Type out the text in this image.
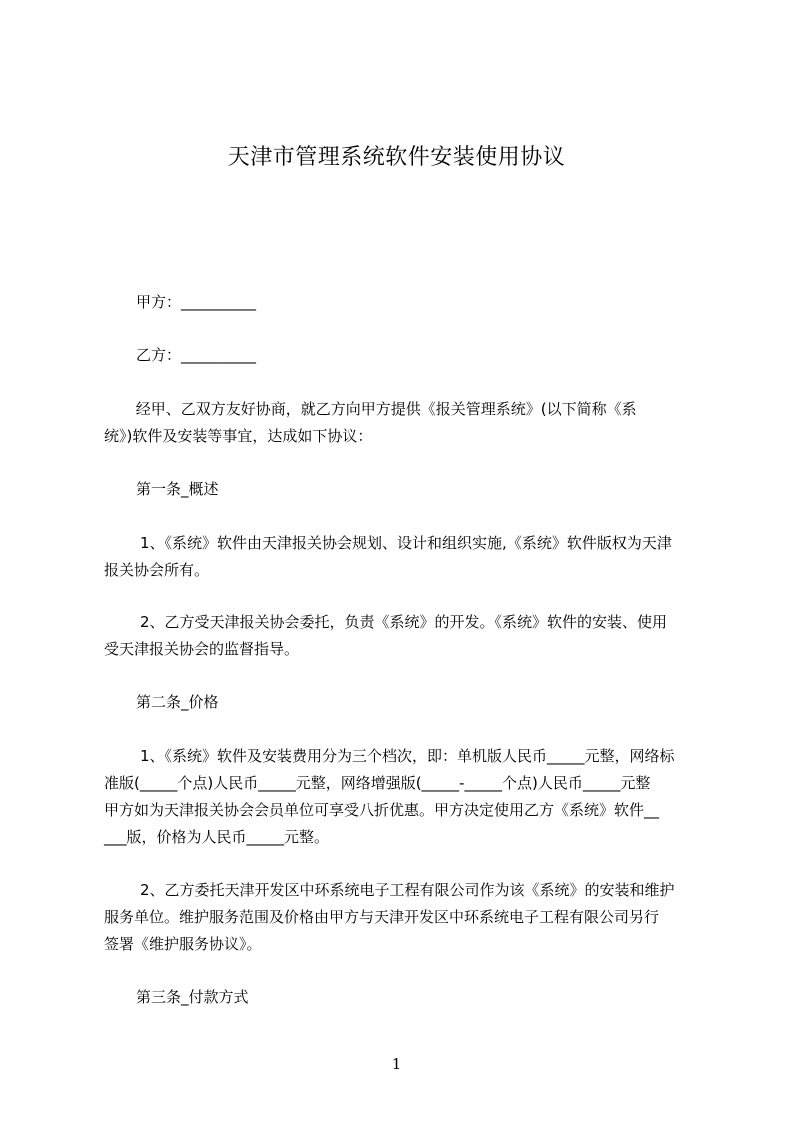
天津市管理系统软件安装使用协议
甲方：__________
乙方：__________
经甲、乙双方友好协商，就乙方向甲方提供《报关管理系统》(以下简称《系
统》)软件及安装等事宜，达成如下协议：
第一条_概述
1、《系统》软件由天津报关协会规划、设计和组织实施,《系统》软件版权为天津
报关协会所有。
2、乙方受天津报关协会委托，负责《系统》的开发。《系统》软件的安装、使用
受天津报关协会的监督指导。
第二条_价格
1、《系统》软件及安装费用分为三个档次，即：单机版人民币_____元整，网络标
准版(_____个点)人民币_____元整，网络增强版(_____-_____个点)人民币_____元整
甲方如为天津报关协会会员单位可享受八折优惠。甲方决定使用乙方《系统》软件__
___版，价格为人民币_____元整。
2、乙方委托天津开发区中环系统电子工程有限公司作为该《系统》的安装和维护
服务单位。维护服务范围及价格由甲方与天津开发区中环系统电子工程有限公司另行
签署《维护服务协议》。
第三条_付款方式
1
